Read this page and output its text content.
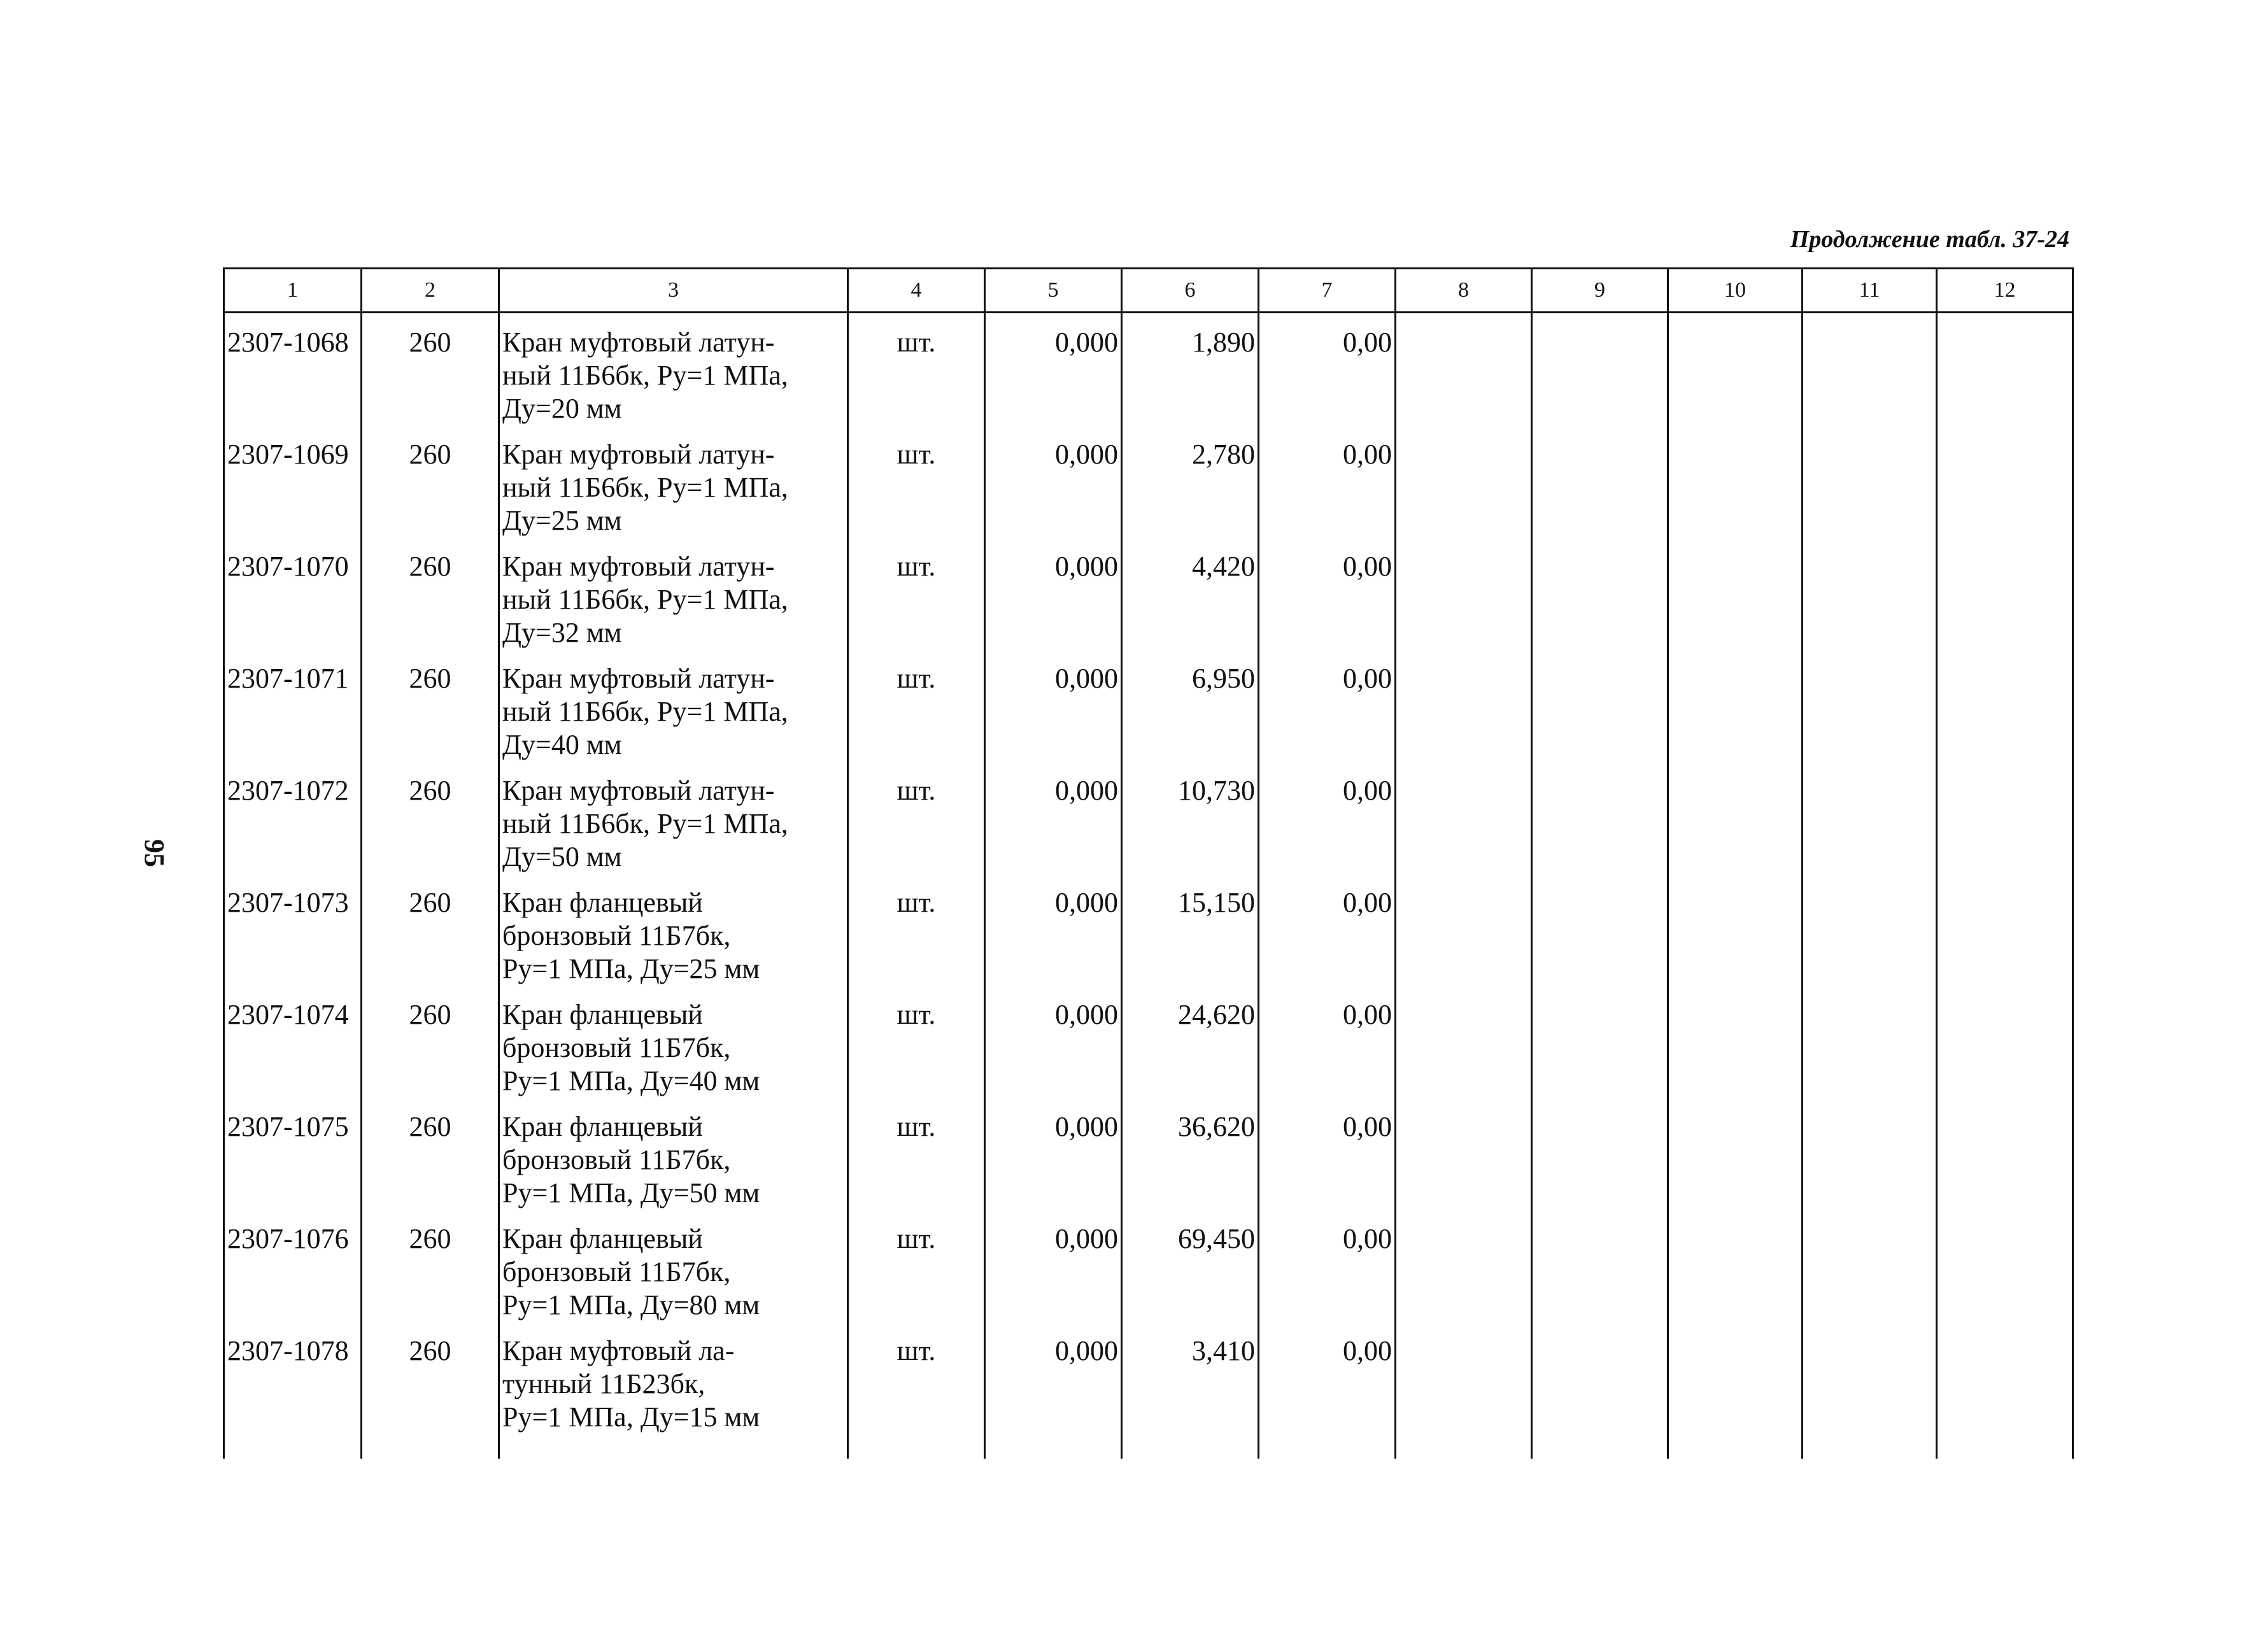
95
Продолжение табл. 37-24
1	2	3	4	5	6	7	8	9	10	11	12
2307-1068	260	Кран муфтовый латун-
ный 11Б6бк, Ру=1 МПа,
Ду=20 мм	шт.	0,000	1,890	0,00					
2307-1069	260	Кран муфтовый латун-
ный 11Б6бк, Ру=1 МПа,
Ду=25 мм	шт.	0,000	2,780	0,00					
2307-1070	260	Кран муфтовый латун-
ный 11Б6бк, Ру=1 МПа,
Ду=32 мм	шт.	0,000	4,420	0,00					
2307-1071	260	Кран муфтовый латун-
ный 11Б6бк, Ру=1 МПа,
Ду=40 мм	шт.	0,000	6,950	0,00					
2307-1072	260	Кран муфтовый латун-
ный 11Б6бк, Ру=1 МПа,
Ду=50 мм	шт.	0,000	10,730	0,00					
2307-1073	260	Кран фланцевый
бронзовый 11Б7бк,
Ру=1 МПа, Ду=25 мм	шт.	0,000	15,150	0,00					
2307-1074	260	Кран фланцевый
бронзовый 11Б7бк,
Ру=1 МПа, Ду=40 мм	шт.	0,000	24,620	0,00					
2307-1075	260	Кран фланцевый
бронзовый 11Б7бк,
Ру=1 МПа, Ду=50 мм	шт.	0,000	36,620	0,00					
2307-1076	260	Кран фланцевый
бронзовый 11Б7бк,
Ру=1 МПа, Ду=80 мм	шт.	0,000	69,450	0,00					
2307-1078	260	Кран муфтовый ла-
тунный 11Б23бк,
Ру=1 МПа, Ду=15 мм	шт.	0,000	3,410	0,00					
